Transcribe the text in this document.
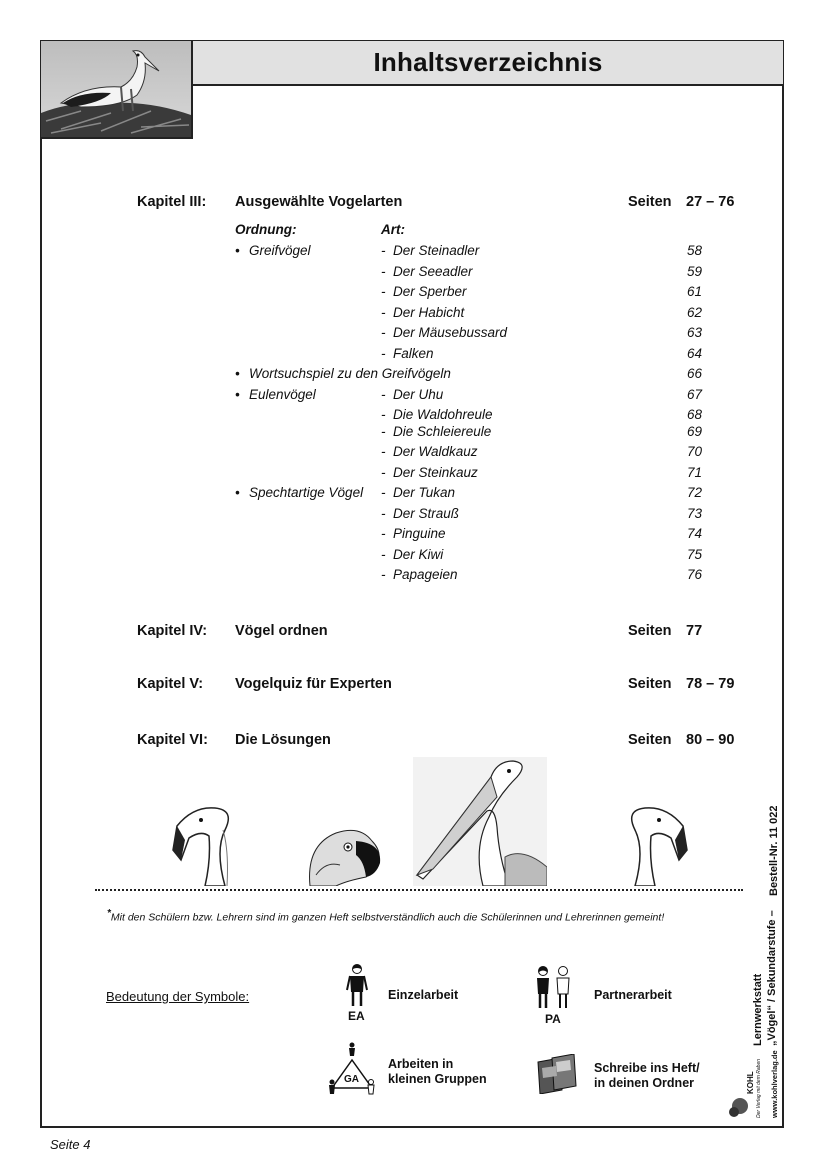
Inhaltsverzeichnis
Kapitel III: Ausgewählte Vogelarten	Seiten 27 – 76
Ordnung:	Art:
• Greifvögel	- Der Steinadler	58
- Der Seeadler	59
- Der Sperber	61
- Der Habicht	62
- Der Mäusebussard	63
- Falken	64
• Wortsuchspiel zu den Greifvögeln	66
• Eulenvögel	- Der Uhu	67
- Die Waldohreule	68
- Die Schleiereule	69
- Der Waldkauz	70
- Der Steinkauz	71
• Spechtartige Vögel - Der Tukan	72
- Der Strauß	73
- Pinguine	74
- Der Kiwi	75
- Papageien	76
Kapitel IV: Vögel ordnen	Seiten 77
Kapitel V: Vogelquiz für Experten	Seiten 78 – 79
Kapitel VI: Die Lösungen	Seiten 80 – 90
*Mit den Schülern bzw. Lehrern sind im ganzen Heft selbstverständlich auch die Schülerinnen und Lehrerinnen gemeint!
Bedeutung der Symbole:
EA
Einzelarbeit
PA
Partnerarbeit
GA
Arbeiten in
kleinen Gruppen
Schreibe ins Heft/
in deinen Ordner
Bestell-Nr. 11 022
Lernwerkstatt „Vögel“ / Sekundarstufe –
KOHL Der Verlag mit dem Raben www.kohlverlag.de
Seite 4
